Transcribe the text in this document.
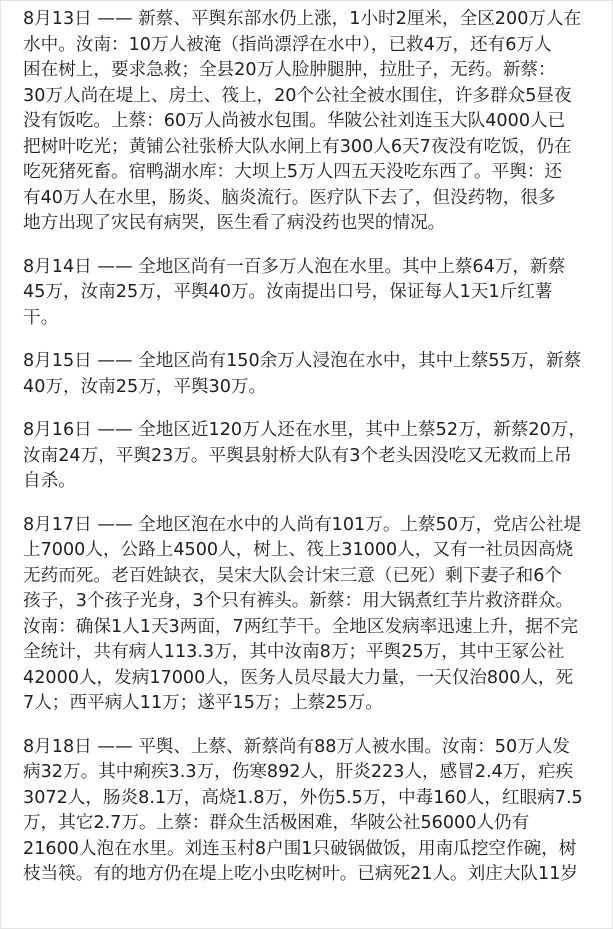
8月13日 —— 新蔡、平舆东部水仍上涨，1小时2厘米，全区200万人在
水中。汝南：10万人被淹（指尚漂浮在水中），已救4万，还有6万人
困在树上，要求急救；全县20万人脸肿腿肿，拉肚子，无药。新蔡：
30万人尚在堤上、房土、筏上，20个公社全被水围住，许多群众5昼夜
没有饭吃。上蔡：60万人尚被水包围。华陂公社刘连玉大队4000人已
把树叶吃光；黄铺公社张桥大队水闸上有300人6天7夜没有吃饭，仍在
吃死猪死畜。宿鸭湖水库：大坝上5万人四五天没吃东西了。平舆：还
有40万人在水里，肠炎、脑炎流行。医疗队下去了，但没药物，很多
地方出现了灾民有病哭，医生看了病没药也哭的情况。
8月14日 —— 全地区尚有一百多万人泡在水里。其中上蔡64万，新蔡
45万，汝南25万，平舆40万。汝南提出口号，保证每人1天1斤红薯
干。
8月15日 —— 全地区尚有150余万人浸泡在水中，其中上蔡55万，新蔡
40万，汝南25万，平舆30万。
8月16日 —— 全地区近120万人还在水里，其中上蔡52万，新蔡20万，
汝南24万，平舆23万。平舆县射桥大队有3个老头因没吃又无救而上吊
自杀。
8月17日 —— 全地区泡在水中的人尚有101万。上蔡50万，党店公社堤
上7000人，公路上4500人，树上、筏上31000人，又有一社员因高烧
无药而死。老百姓缺衣，吴宋大队会计宋三意（已死）剩下妻子和6个
孩子，3个孩子光身，3个只有裤头。新蔡：用大锅煮红芋片救济群众。
汝南：确保1人1天3两面，7两红芋干。全地区发病率迅速上升，据不完
全统计，共有病人113.3万，其中汝南8万；平舆25万，其中王冢公社
42000人，发病17000人，医务人员尽最大力量，一天仅治800人，死
7人；西平病人11万；遂平15万；上蔡25万。
8月18日 —— 平舆、上蔡、新蔡尚有88万人被水围。汝南：50万人发
病32万。其中痢疾3.3万，伤寒892人，肝炎223人，感冒2.4万，疟疾
3072人，肠炎8.1万，高烧1.8万，外伤5.5万，中毒160人，红眼病7.5
万，其它2.7万。上蔡：群众生活极困难，华陂公社56000人仍有
21600人泡在水里。刘连玉村8户围1只破锅做饭，用南瓜挖空作碗，树
枝当筷。有的地方仍在堤上吃小虫吃树叶。已病死21人。刘庄大队11岁
